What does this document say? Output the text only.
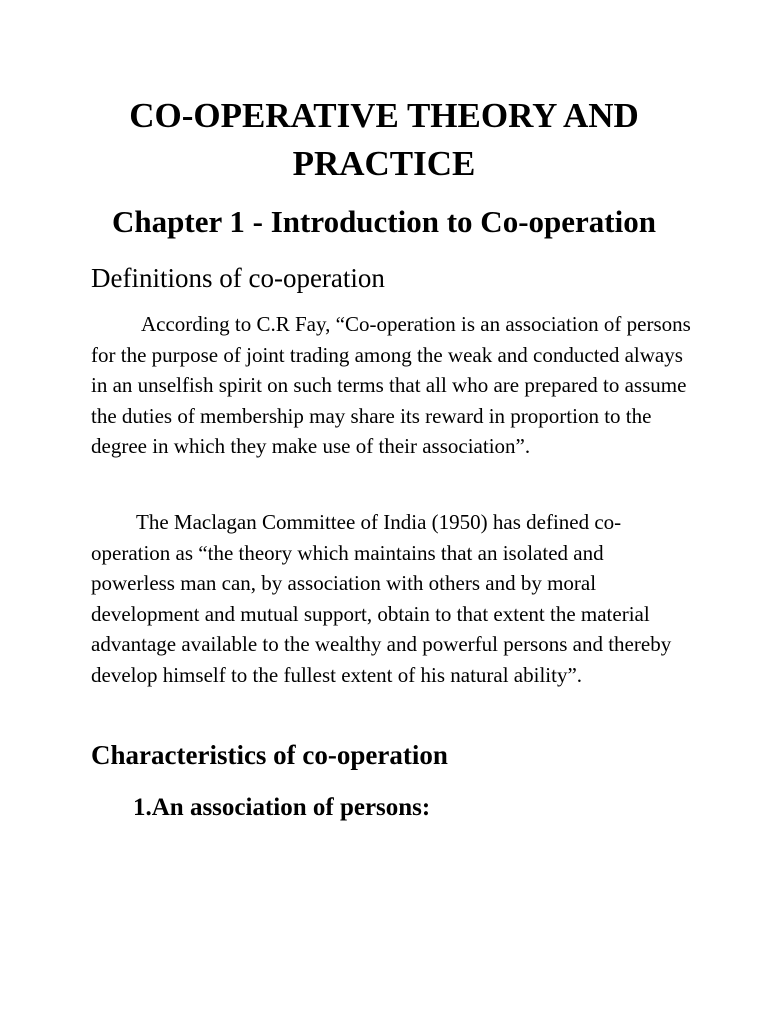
CO-OPERATIVE THEORY AND PRACTICE
Chapter 1 - Introduction to Co-operation
Definitions of co-operation

According to C.R Fay, “Co-operation is an association of persons for the purpose of joint trading among the weak and conducted always in an unselfish spirit on such terms that all who are prepared to assume the duties of membership may share its reward in proportion to the degree in which they make use of their association”.

The Maclagan Committee of India (1950) has defined co-operation as “the theory which maintains that an isolated and powerless man can, by association with others and by moral development and mutual support, obtain to that extent the material advantage available to the wealthy and powerful persons and thereby develop himself to the fullest extent of his natural ability”.

Characteristics of co-operation
1.An association of persons:
